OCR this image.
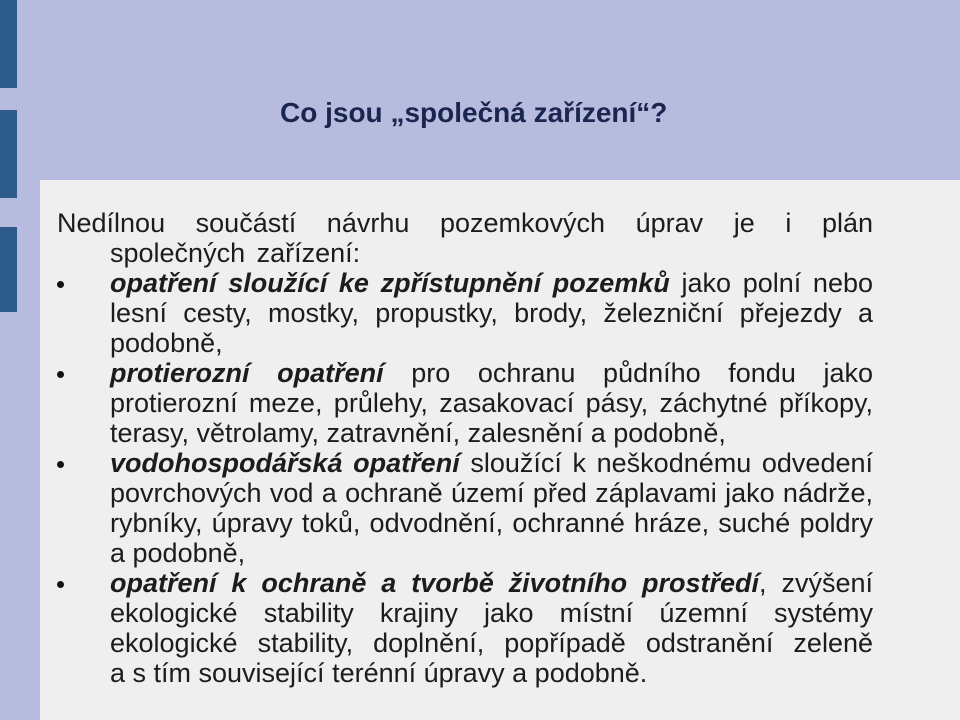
Co jsou „společná zařízení“?

Nedílnou součástí návrhu pozemkových úprav je i plán společných zařízení:

opatření sloužící ke zpřístupnění pozemků jako polní nebo lesní cesty, mostky, propustky, brody, železniční přejezdy a podobně,
protierozní opatření pro ochranu půdního fondu jako protierozní meze, průlehy, zasakovací pásy, záchytné příkopy, terasy, větrolamy, zatravnění, zalesnění a podobně,
vodohospodářská opatření sloužící k neškodnému odvedení povrchových vod a ochraně území před záplavami jako nádrže, rybníky, úpravy toků, odvodnění, ochranné hráze, suché poldry a podobně,
opatření k ochraně a tvorbě životního prostředí, zvýšení ekologické stability krajiny jako místní územní systémy ekologické stability, doplnění, popřípadě odstranění zeleně a s tím související terénní úpravy a podobně.
